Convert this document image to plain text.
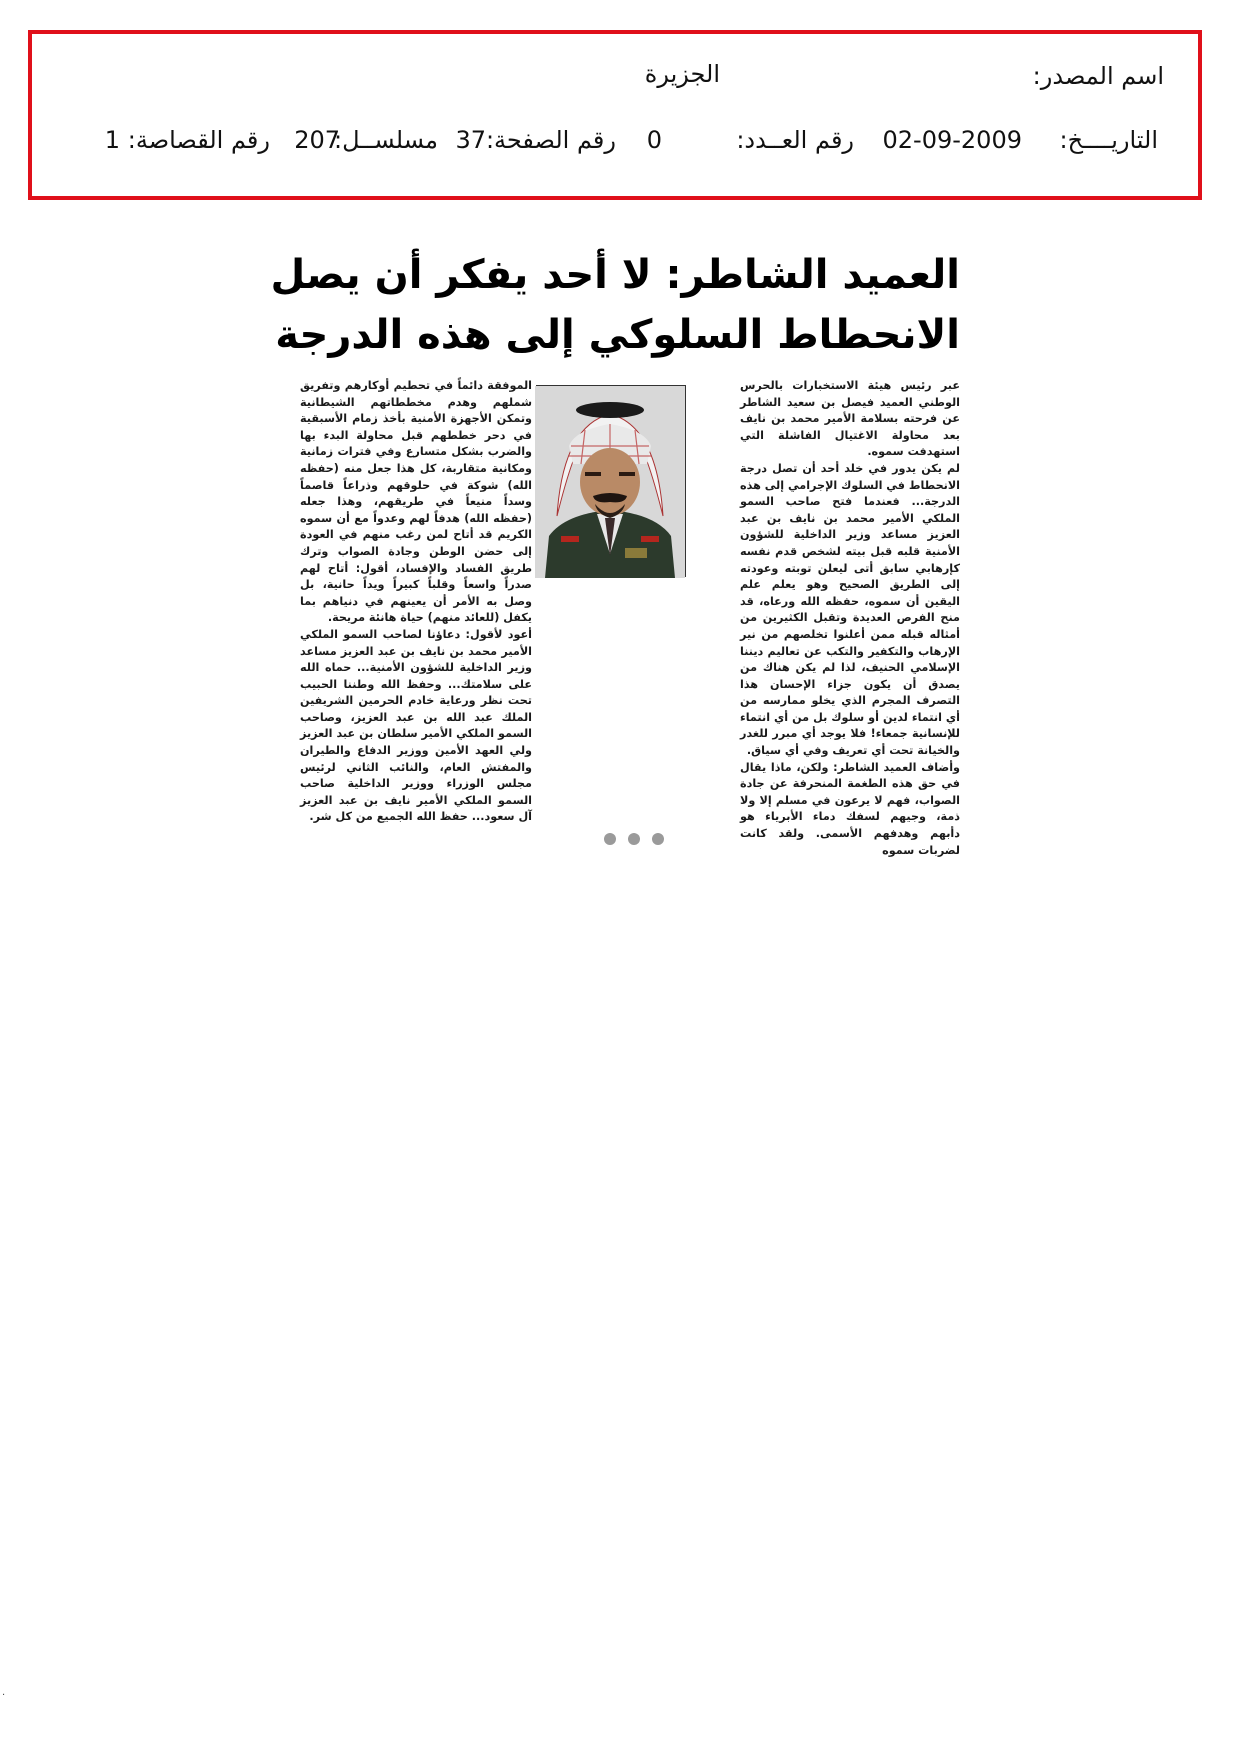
اسم المصدر:
الجزيرة
التاريــــخ:
02-09-2009
رقم العــدد:
0
رقم الصفحة:
37
مسلســل:
207
رقم القصاصة:
1
العميد الشاطر: لا أحد يفكر أن يصل
الانحطاط السلوكي إلى هذه الدرجة

عبر رئيس هيئة الاستخبارات بالحرس الوطني العميد فيصل بن سعيد الشاطر عن فرحته بسلامة الأمير محمد بن نايف بعد محاولة الاغتيال الفاشلة التي استهدفت سموه.

لم يكن يدور في خلد أحد أن تصل درجة الانحطاط في السلوك الإجرامي إلى هذه الدرجة... فعندما فتح صاحب السمو الملكي الأمير محمد بن نايف بن عبد العزيز مساعد وزير الداخلية للشؤون الأمنية قلبه قبل بيته لشخص قدم نفسه كإرهابي سابق أتى ليعلن توبته وعودته إلى الطريق الصحيح وهو يعلم علم اليقين أن سموه، حفظه الله ورعاه، قد منح الفرص العديدة وتقبل الكثيرين من أمثاله قبله ممن أعلنوا تخلصهم من نير الإرهاب والتكفير والتكب عن تعاليم ديننا الإسلامي الحنيف، لذا لم يكن هناك من يصدق أن يكون جزاء الإحسان هذا التصرف المجرم الذي يخلو ممارسه من أي انتماء لدين أو سلوك بل من أي انتماء للإنسانية جمعاء! فلا يوجد أي مبرر للغدر والخيانة تحت أي تعريف وفي أي سياق.

وأضاف العميد الشاطر: ولكن، ماذا يقال في حق هذه الطغمة المنحرفة عن جادة الصواب، فهم لا يرعون في مسلم إلا ولا ذمة، وجيهم لسفك دماء الأبرياء هو دأبهم وهدفهم الأسمى. ولقد كانت لضربات سموه

الموفقة دائماً في تحطيم أوكارهم وتفريق شملهم وهدم مخططاتهم الشيطانية وتمكن الأجهزة الأمنية بأخذ زمام الأسبقية في دحر خططهم قبل محاولة البدء بها والضرب بشكل متسارع وفي فترات زمانية ومكانية متقاربة، كل هذا جعل منه (حفظه الله) شوكة في حلوقهم وذراعاً قاصماً وسداً منيعاً في طريقهم، وهذا جعله (حفظه الله) هدفاً لهم وعدواً مع أن سموه الكريم قد أتاح لمن رغب منهم في العودة إلى حضن الوطن وجادة الصواب وترك طريق الفساد والإفساد، أقول: أتاح لهم صدراً واسعاً وقلباً كبيراً ويداً حانية، بل وصل به الأمر أن يعينهم في دنياهم بما يكفل (للعائد منهم) حياة هانئة مريحة.

أعود لأقول: دعاؤنا لصاحب السمو الملكي الأمير محمد بن نايف بن عبد العزيز مساعد وزير الداخلية للشؤون الأمنية... حماه الله على سلامتك... وحفظ الله وطننا الحبيب تحت نظر ورعاية خادم الحرمين الشريفين الملك عبد الله بن عبد العزيز، وصاحب السمو الملكي الأمير سلطان بن عبد العزيز ولي العهد الأمين ووزير الدفاع والطيران والمفتش العام، والنائب الثاني لرئيس مجلس الوزراء ووزير الداخلية صاحب السمو الملكي الأمير نايف بن عبد العزيز آل سعود... حفظ الله الجميع من كل شر.

·
